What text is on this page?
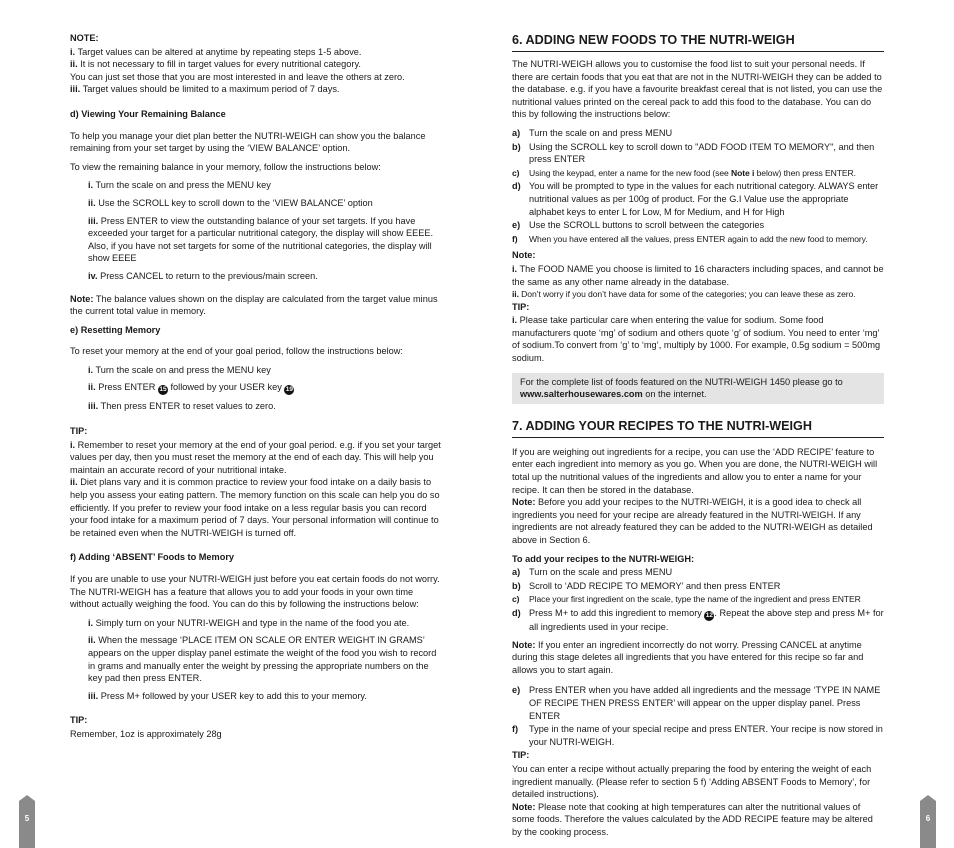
NOTE:

i. Target values can be altered at anytime by repeating steps 1-5 above.

ii. It is not necessary to fill in target values for every nutritional category.

You can just set those that you are most interested in and leave the others at zero.

iii. Target values should be limited to a maximum period of 7 days.

d) Viewing Your Remaining Balance

To help you manage your diet plan better the NUTRI-WEIGH can show you the balance remaining from your set target by using the ‘VIEW BALANCE’ option.

To view the remaining balance in your memory, follow the instructions below:

i. Turn the scale on and press the MENU key

ii. Use the SCROLL key to scroll down to the ‘VIEW BALANCE’ option

iii. Press ENTER to view the outstanding balance of your set targets. If you have exceeded your target for a particular nutritional category, the display will show EEEE. Also, if you have not set targets for some of the nutritional categories, the display will show EEEE

iv. Press CANCEL to return to the previous/main screen.

Note: The balance values shown on the display are calculated from the target value minus the current total value in memory.

e) Resetting Memory

To reset your memory at the end of your goal period, follow the instructions below:

i. Turn the scale on and press the MENU key

ii. Press ENTER 15 followed by your USER key 19

iii. Then press ENTER to reset values to zero.

TIP:

i. Remember to reset your memory at the end of your goal period. e.g. if you set your target values per day, then you must reset the memory at the end of each day. This will help you maintain an accurate record of your nutritional intake.

ii. Diet plans vary and it is common practice to review your food intake on a daily basis to help you assess your eating pattern. The memory function on this scale can help you do so efficiently. If you prefer to review your food intake on a less regular basis you can record your food intake for a maximum period of 7 days. Your personal information will continue to be retained even when the NUTRI-WEIGH is turned off.

f) Adding ‘ABSENT’ Foods to Memory

If you are unable to use your NUTRI-WEIGH just before you eat certain foods do not worry. The NUTRI-WEIGH has a feature that allows you to add your foods in your own time without actually weighing the food. You can do this by following the instructions below:

i. Simply turn on your NUTRI-WEIGH and type in the name of the food you ate.

ii. When the message ‘PLACE ITEM ON SCALE OR ENTER WEIGHT IN GRAMS’ appears on the upper display panel estimate the weight of the food you wish to record in grams and manually enter the weight by pressing the appropriate numbers on the key pad then press ENTER.

iii. Press M+ followed by your USER key to add this to your memory.

TIP:

Remember, 1oz is approximately 28g

6. ADDING NEW FOODS TO THE NUTRI-WEIGH

The NUTRI-WEIGH allows you to customise the food list to suit your personal needs. If there are certain foods that you eat that are not in the NUTRI-WEIGH they can be added to the database. e.g. if you have a favourite breakfast cereal that is not listed, you can use the nutritional values printed on the cereal pack to add this food to the database. You can do this by following the instructions below:

a) Turn the scale on and press MENU
b) Using the SCROLL key to scroll down to "ADD FOOD ITEM TO MEMORY", and then press ENTER
c)	Using the keypad, enter a name for the new food (see Note i below) then press ENTER.
d) You will be prompted to type in the values for each nutritional category. ALWAYS enter nutritional values as per 100g of product. For the G.I Value use the appropriate alphabet keys to enter L for Low, M for Medium, and H for High
e) Use the SCROLL buttons to scroll between the categories
f)	When you have entered all the values, press ENTER again to add the new food to memory.

Note:

i. The FOOD NAME you choose is limited to 16 characters including spaces, and cannot be the same as any other name already in the database.

ii. Don’t worry if you don’t have data for some of the categories; you can leave these as zero.

TIP:

i. Please take particular care when entering the value for sodium. Some food manufacturers quote ‘mg’ of sodium and others quote ‘g’ of sodium. You need to enter ‘mg’ of sodium.To convert from ‘g’ to ‘mg’, multiply by 1000. For example, 0.5g sodium = 500mg sodium.

For the complete list of foods featured on the NUTRI-WEIGH 1450 please go to

www.salterhousewares.com on the internet.

7. ADDING YOUR RECIPES TO THE NUTRI-WEIGH

If you are weighing out ingredients for a recipe, you can use the ‘ADD RECIPE’ feature to enter each ingredient into memory as you go. When you are done, the NUTRI-WEIGH will total up the nutritional values of the ingredients and allow you to enter a name for your recipe. It can then be stored in the database.

Note: Before you add your recipes to the NUTRI-WEIGH, it is a good idea to check all ingredients you need for your recipe are already featured in the NUTRI-WEIGH. If any ingredients are not already featured they can be added to the NUTRI-WEIGH as detailed above in Section 6.

To add your recipes to the NUTRI-WEIGH:

a) Turn on the scale and press MENU
b) Scroll to ‘ADD RECIPE TO MEMORY’ and then press ENTER
c)	Place your first ingredient on the scale, type the name of the ingredient and press ENTER
d) Press M+ to add this ingredient to memory 12. Repeat the above step and press M+ for all ingredients used in your recipe.

Note: If you enter an ingredient incorrectly do not worry. Pressing CANCEL at anytime during this stage deletes all ingredients that you have entered for this recipe so far and allows you to start again.

e) Press ENTER when you have added all ingredients and the message ‘TYPE IN NAME OF RECIPE THEN PRESS ENTER’ will appear on the upper display panel. Press ENTER
f)	Type in the name of your special recipe and press ENTER. Your recipe is now stored in your NUTRI-WEIGH.

TIP:

You can enter a recipe without actually preparing the food by entering the weight of each ingredient manually. (Please refer to section 5 f) ‘Adding ABSENT Foods to Memory’, for detailed instructions).

Note: Please note that cooking at high temperatures can alter the nutritional values of some foods. Therefore the values calculated by the ADD RECIPE feature may be altered by the cooking process.

5	6
